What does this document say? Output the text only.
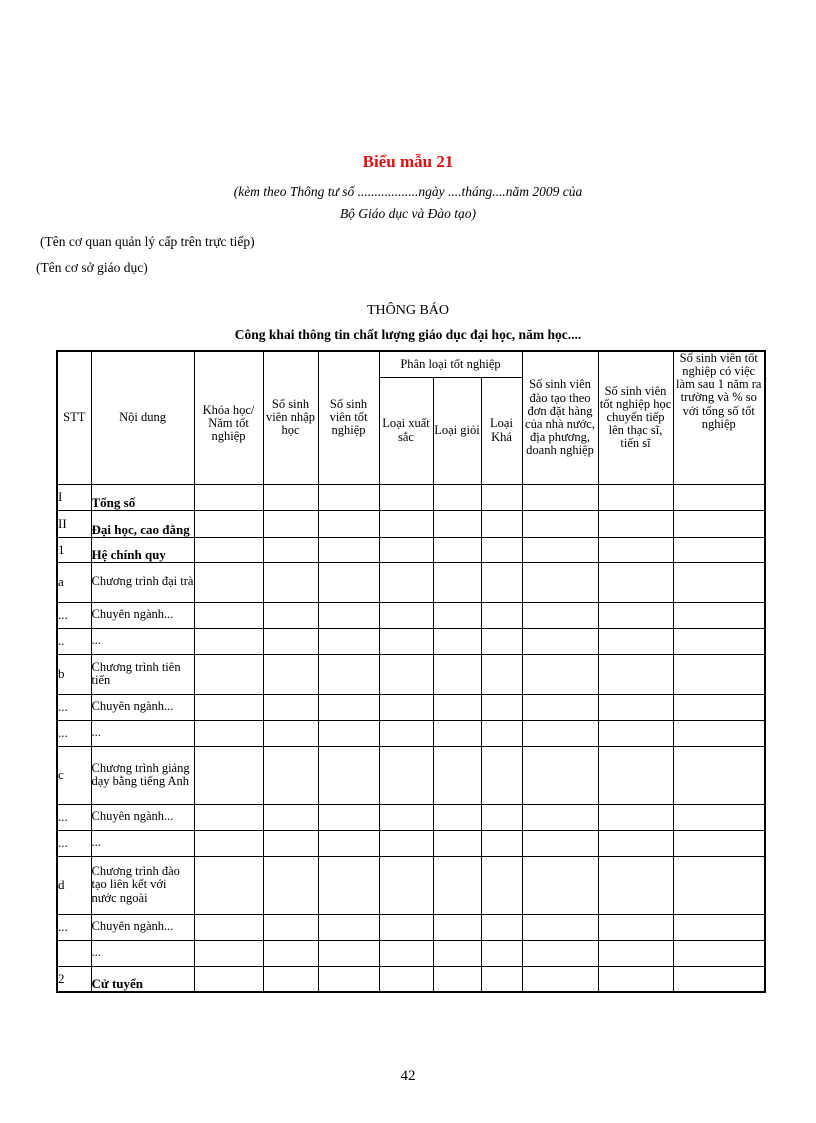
Biểu mẫu 21
(kèm theo Thông tư số ..................ngày ....tháng....năm 2009 của
Bộ Giáo dục và Đào tạo)
(Tên cơ quan quản lý cấp trên trực tiếp)
(Tên cơ sở giáo dục)
THÔNG BÁO
Công khai thông tin chất lượng giáo dục đại học, năm học....
STT	Nội dung	Khóa học/ Năm tốt nghiệp	Số sinh viên nhập học	Số sinh viên tốt nghiệp	Phân loại tốt nghiệp			Số sinh viên đào tạo theo đơn đặt hàng của nhà nước, địa phương, doanh nghiệp	Số sinh viên tốt nghiệp học chuyển tiếp lên thạc sĩ, tiến sĩ	Số sinh viên tốt nghiệp có việc làm sau 1 năm ra trường và % so với tổng số tốt nghiệp
					Loại xuất sắc	Loại giỏi	Loại Khá			
I	Tổng số									
II	Đại học, cao đẳng									
1	Hệ chính quy									
a	Chương trình đại trà									
...	Chuyên ngành...									
..	...									
b	Chương trình tiên tiến									
...	Chuyên ngành...									
...	...									
c	Chương trình giảng dạy bằng tiếng Anh									
...	Chuyên ngành...									
...	...									
d	Chương trình đào tạo liên kết với nước ngoài									
...	Chuyên ngành...									
	...									
2	Cử tuyển									
42
